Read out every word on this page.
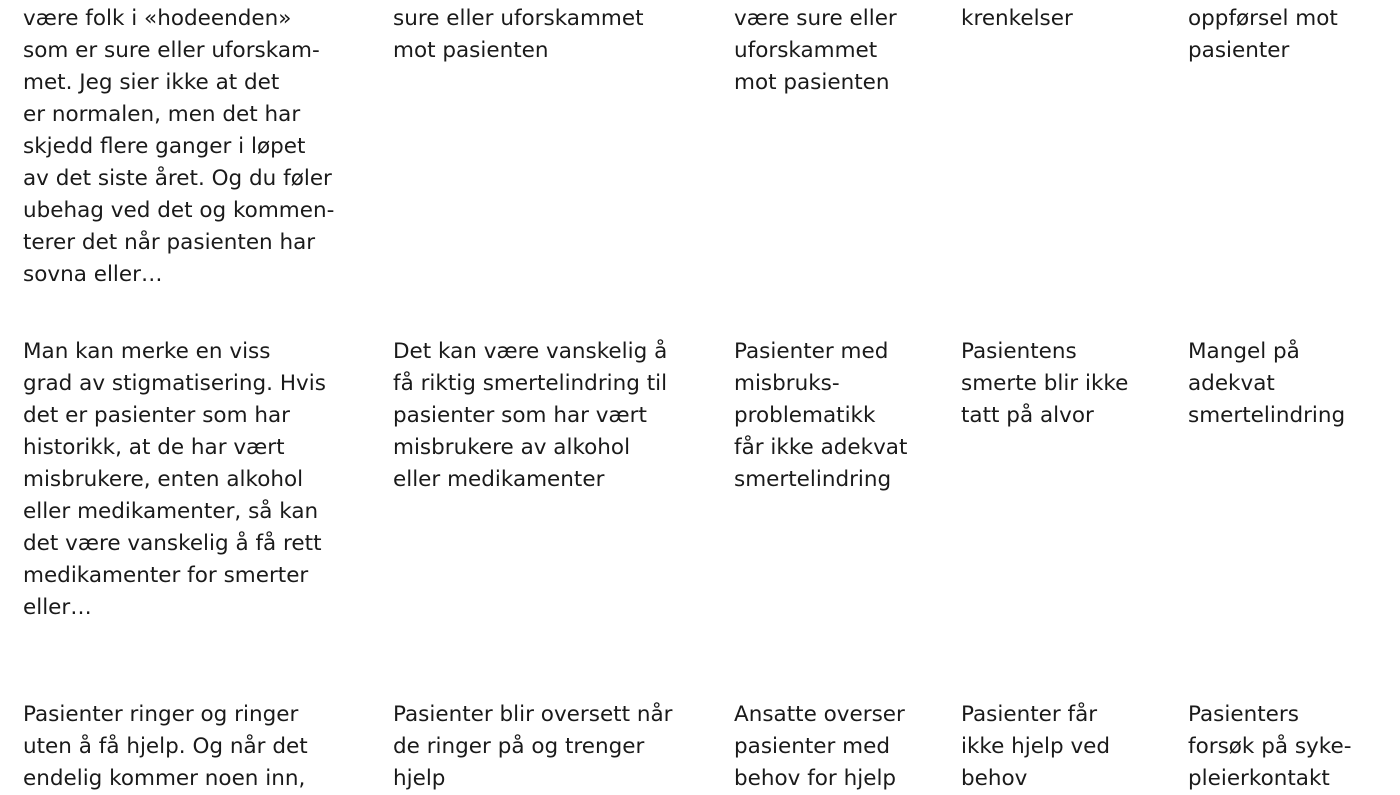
være folk i «hodeenden»
som er sure eller uforskam-
met. Jeg sier ikke at det
er normalen, men det har
skjedd flere ganger i løpet
av det siste året. Og du føler
ubehag ved det og kommen-
terer det når pasienten har
sovna eller…

sure eller uforskammet
mot pasienten

være sure eller
uforskammet
mot pasienten

krenkelser	oppførsel mot
pasienter

Man kan merke en viss
grad av stigmatisering. Hvis
det er pasienter som har
historikk, at de har vært
misbrukere, enten alkohol
eller medikamenter, så kan
det være vanskelig å få rett
medikamenter for smerter
eller…

Det kan være vanskelig å
få riktig smertelindring til
pasienter som har vært
misbrukere av alkohol
eller medikamenter

Pasienter med
misbruks-
problematikk
får ikke adekvat
smertelindring

Pasientens
smerte blir ikke
tatt på alvor

Mangel på
adekvat
smertelindring

Pasienter ringer og ringer
uten å få hjelp. Og når det
endelig kommer noen inn,

Pasienter blir oversett når
de ringer på og trenger
hjelp

Ansatte overser
pasienter med
behov for hjelp

Pasienter får
ikke hjelp ved
behov

Pasienters
forsøk på syke-
pleierkontakt
